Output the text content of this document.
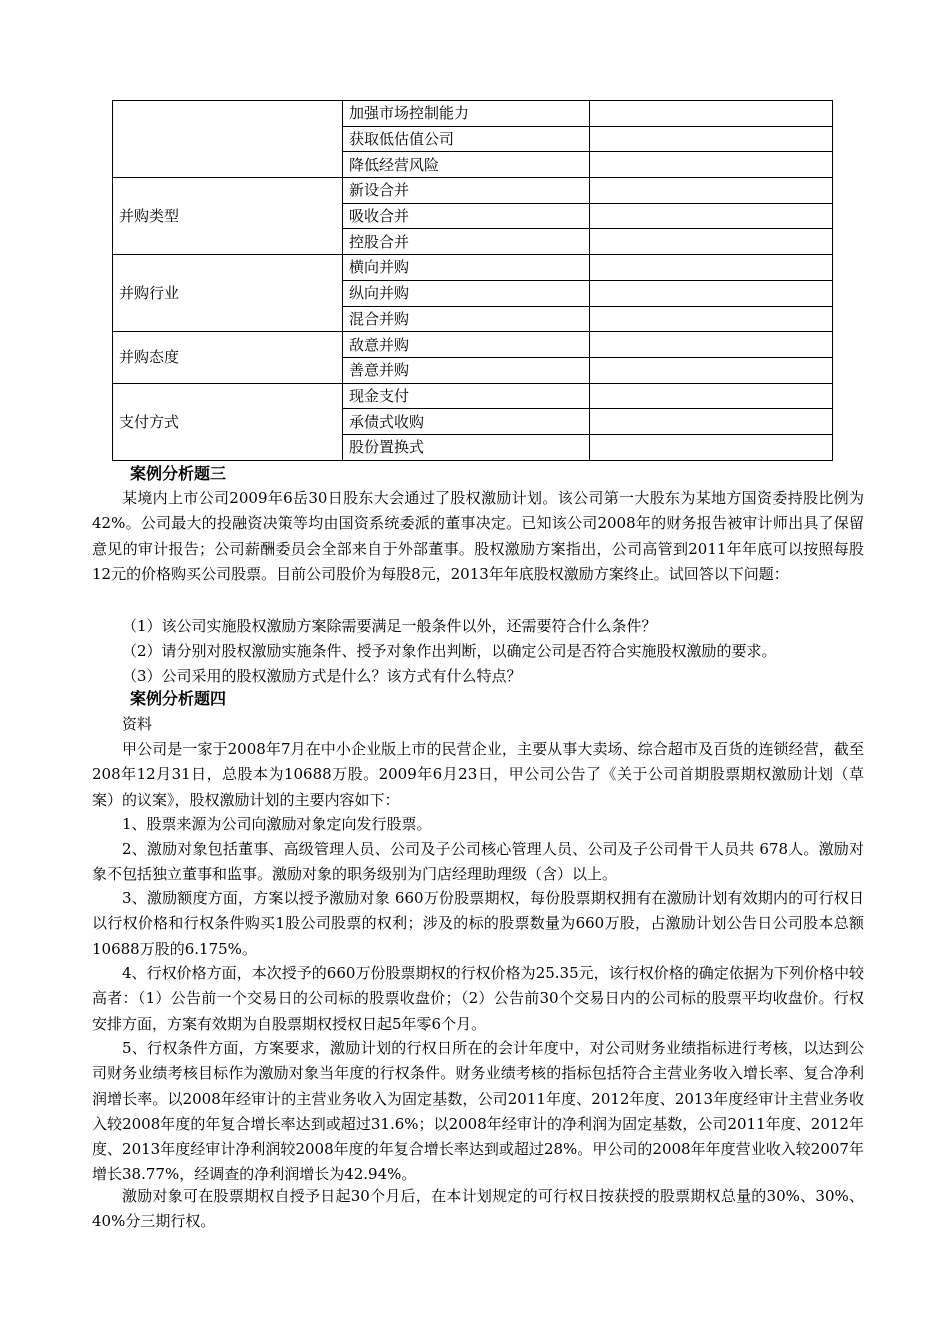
	加强市场控制能力	
	获取低估值公司	
	降低经营风险	
并购类型	新设合并	
	吸收合并	
	控股合并	
并购行业	横向并购	
	纵向并购	
	混合并购	
并购态度	敌意并购	
	善意并购	
支付方式	现金支付	
	承债式收购	
	股份置换式	
案例分析题三
某境内上市公司2009年6岳30日股东大会通过了股权激励计划。该公司第一大股东为某地方国资委持股比例为42%。公司最大的投融资决策等均由国资系统委派的董事决定。已知该公司2008年的财务报告被审计师出具了保留意见的审计报告；公司薪酬委员会全部来自于外部董事。股权激励方案指出，公司高管到2011年年底可以按照每股12元的价格购买公司股票。目前公司股价为每股8元，2013年年底股权激励方案终止。试回答以下问题：
（1）该公司实施股权激励方案除需要满足一般条件以外，还需要符合什么条件？
（2）请分别对股权激励实施条件、授予对象作出判断，以确定公司是否符合实施股权激励的要求。
（3）公司采用的股权激励方式是什么？该方式有什么特点？
案例分析题四
资料
甲公司是一家于2008年7月在中小企业版上市的民营企业，主要从事大卖场、综合超市及百货的连锁经营，截至208年12月31日，总股本为10688万股。2009年6月23日，甲公司公告了《关于公司首期股票期权激励计划（草案）的议案》，股权激励计划的主要内容如下：
1、股票来源为公司向激励对象定向发行股票。
2、激励对象包括董事、高级管理人员、公司及子公司核心管理人员、公司及子公司骨干人员共 678人。激励对象不包括独立董事和监事。激励对象的职务级别为门店经理助理级（含）以上。
3、激励额度方面，方案以授予激励对象 660万份股票期权，每份股票期权拥有在激励计划有效期内的可行权日以行权价格和行权条件购买1股公司股票的权利；涉及的标的股票数量为660万股，占激励计划公告日公司股本总额10688万股的6.175%。
4、行权价格方面，本次授予的660万份股票期权的行权价格为25.35元，该行权价格的确定依据为下列价格中较高者：（1）公告前一个交易日的公司标的股票收盘价；（2）公告前30个交易日内的公司标的股票平均收盘价。行权安排方面，方案有效期为自股票期权授权日起5年零6个月。
5、行权条件方面，方案要求，激励计划的行权日所在的会计年度中，对公司财务业绩指标进行考核，以达到公司财务业绩考核目标作为激励对象当年度的行权条件。财务业绩考核的指标包括符合主营业务收入增长率、复合净利润增长率。以2008年经审计的主营业务收入为固定基数，公司2011年度、2012年度、2013年度经审计主营业务收入较2008年度的年复合增长率达到或超过31.6%；以2008年经审计的净利润为固定基数，公司2011年度、2012年度、2013年度经审计净利润较2008年度的年复合增长率达到或超过28%。甲公司的2008年年度营业收入较2007年增长38.77%，经调查的净利润增长为42.94%。
激励对象可在股票期权自授予日起30个月后，在本计划规定的可行权日按获授的股票期权总量的30%、30%、40%分三期行权。
